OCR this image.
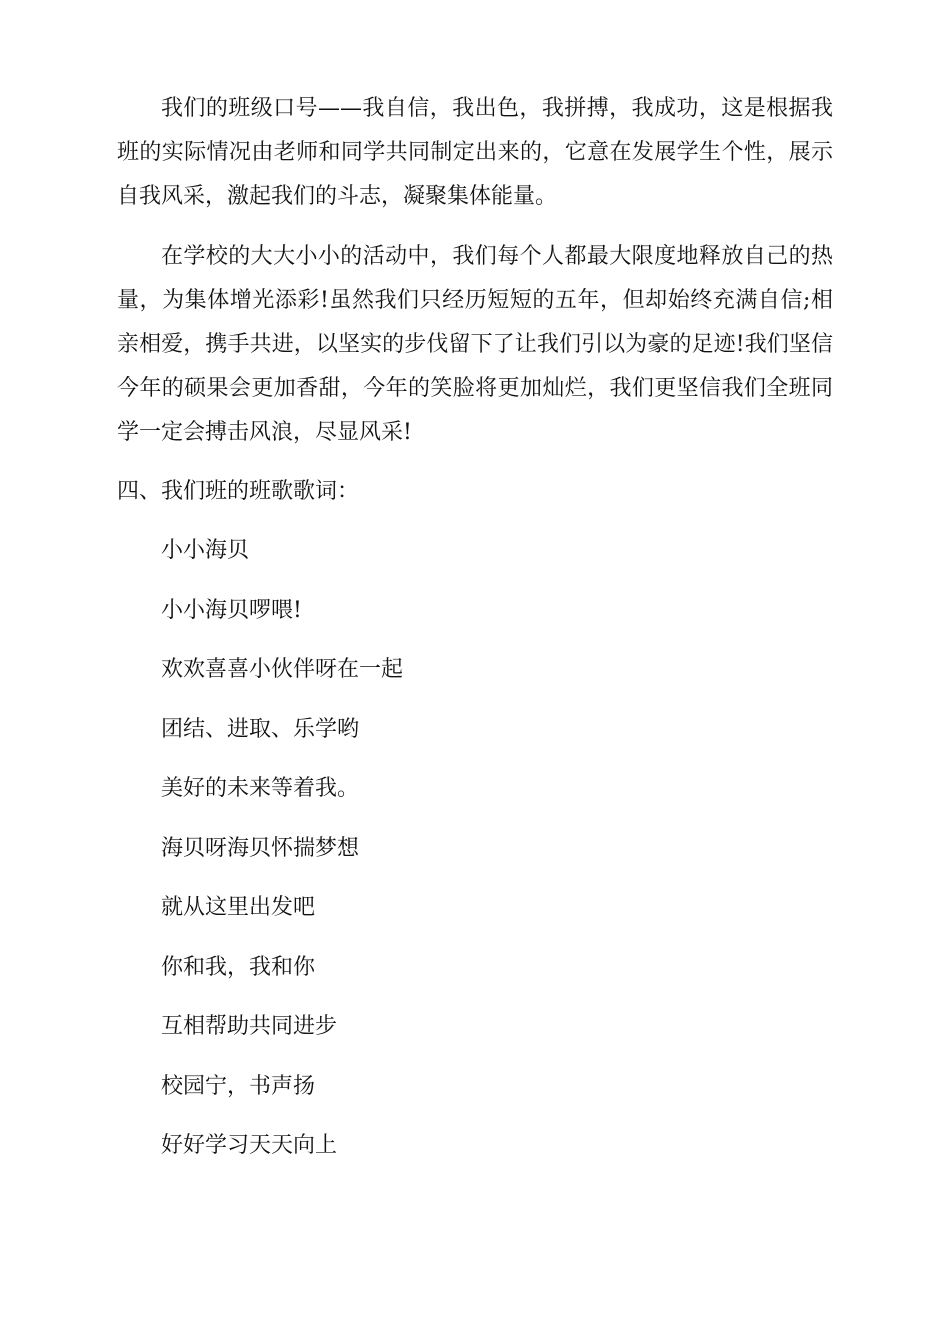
我们的班级口号——我自信，我出色，我拼搏，我成功，这是根据我班的实际情况由老师和同学共同制定出来的，它意在发展学生个性，展示自我风采，激起我们的斗志，凝聚集体能量。

在学校的大大小小的活动中，我们每个人都最大限度地释放自己的热量，为集体增光添彩!虽然我们只经历短短的五年，但却始终充满自信;相亲相爱，携手共进，以坚实的步伐留下了让我们引以为豪的足迹!我们坚信今年的硕果会更加香甜，今年的笑脸将更加灿烂，我们更坚信我们全班同学一定会搏击风浪，尽显风采!

四、我们班的班歌歌词：

小小海贝
小小海贝啰喂!
欢欢喜喜小伙伴呀在一起
团结、进取、乐学哟
美好的未来等着我。
海贝呀海贝怀揣梦想
就从这里出发吧
你和我，我和你
互相帮助共同进步
校园宁，书声扬
好好学习天天向上
